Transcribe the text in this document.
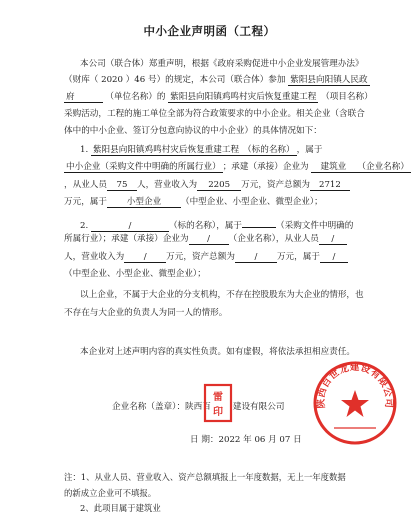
中小企业声明函（工程）
本公司（联合体）郑重声明，根据《政府采购促进中小企业发展管理办法》
（财库（ 2020 ）46 号）的规定，本公司（联合体）参加 紫阳县向阳镇人民政
府	（单位名称）的 紫阳县向阳镇鸡鸣村灾后恢复重建工程 （项目名称）
采购活动，工程的施工单位全部为符合政策要求的中小企业。相关企业（含联合
体中的中小企业、签订分包意向协议的中小企业）的具体情况如下：
1. 紫阳县向阳镇鸡鸣村灾后恢复重建工程 （标的名称） ，属于
中小企业（采购文件中明确的所属行业） ；承建（承接）企业为 建筑业 （企业名称）
，从业人员 75 人，营业收入为 2205 万元，资产总额为 2712
万元，属于 小型企业 （中型企业、小型企业、微型企业）；
2.	/	（标的名称），属于	（采购文件中明确的
所属行业）；承建（承接）企业为 / （企业名称），从业人员 /
人，营业收入为 / 万元，资产总额为 / 万元，属于 /
（中型企业、小型企业、微型企业）；
以上企业，不属于大企业的分支机构，不存在控股股东为大企业的情形，也
不存在与大企业的负责人为同一人的情形。
本企业对上述声明内容的真实性负责。如有虚假，将依法承担相应责任。
企业名称（盖章）：陕西百	建设有限公司
日 期：2022 年 06 月 07 日
雷
印
陕西百世龙建设有限公司
注：1、从业人员、营业收入、资产总额填报上一年度数据，无上一年度数据
的新成立企业可不填报。
2、此项目属于建筑业
